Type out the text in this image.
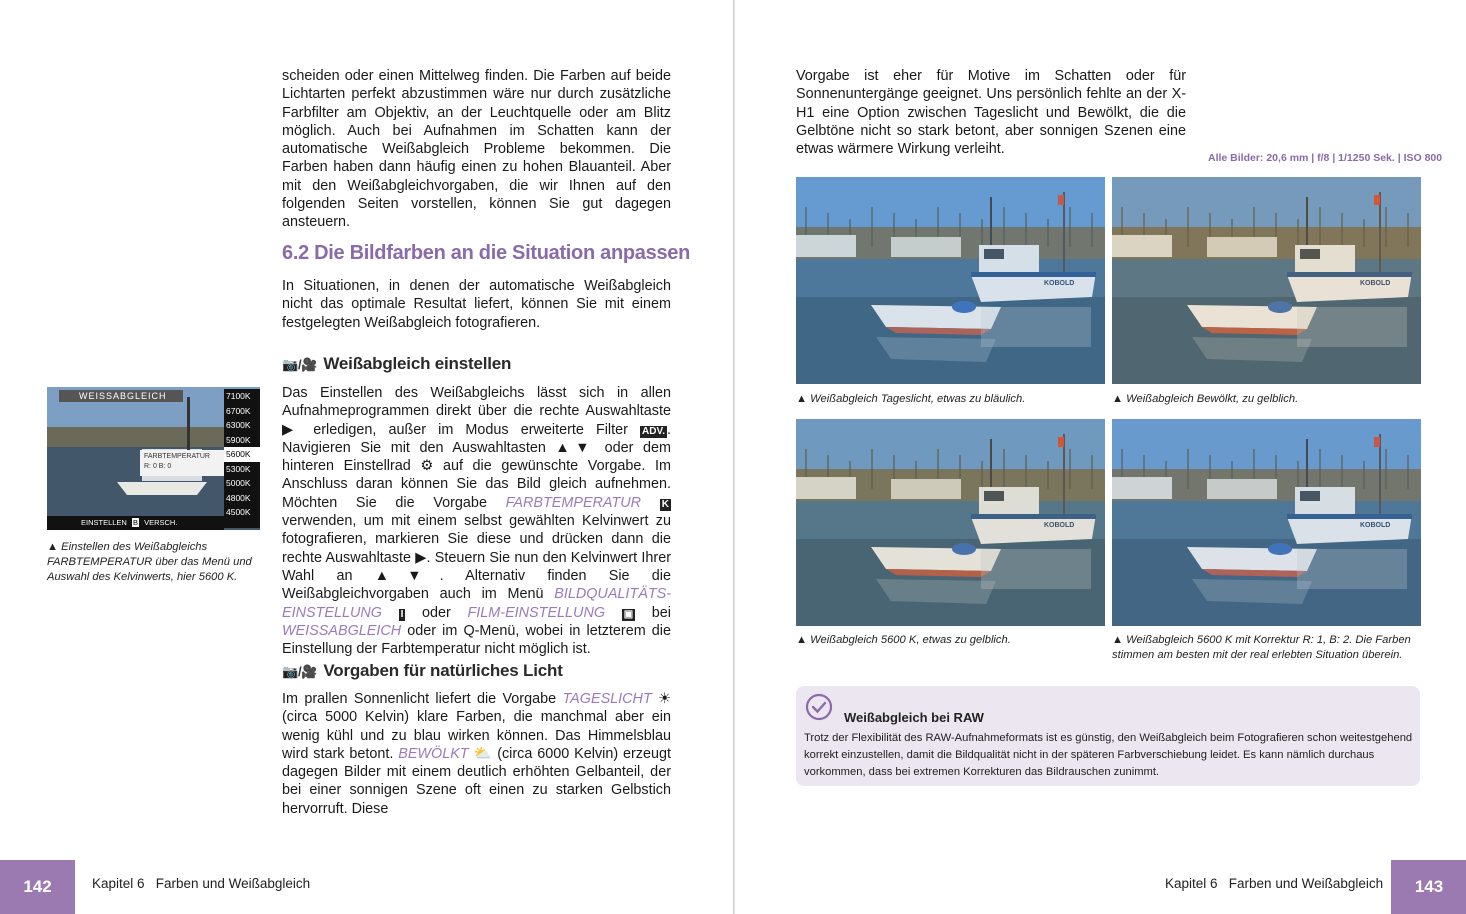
scheiden oder einen Mittelweg finden. Die Farben auf beide Lichtarten perfekt abzustimmen wäre nur durch zusätzliche Farbfilter am Objektiv, an der Leuchtquelle oder am Blitz möglich. Auch bei Aufnahmen im Schatten kann der automatische Weißabgleich Probleme bekommen. Die Farben haben dann häufig einen zu hohen Blauanteil. Aber mit den Weißabgleichvorgaben, die wir Ihnen auf den folgenden Seiten vorstellen, können Sie gut dagegen ansteuern.

6.2 Die Bildfarben an die Situation anpassen

In Situationen, in denen der automatische Weißabgleich nicht das optimale Resultat liefert, können Sie mit einem festgelegten Weißabgleich fotografieren.

📷/🎥 Weißabgleich einstellen

Das Einstellen des Weißabgleichs lässt sich in allen Aufnahmeprogrammen direkt über die rechte Auswahltaste ▶ erledigen, außer im Modus erweiterte Filter ADV. . Navigieren Sie mit den Auswahltasten ▲▼ oder dem hinteren Einstellrad ⚙ auf die gewünschte Vorgabe. Im Anschluss daran können Sie das Bild gleich aufnehmen. Möchten Sie die Vorgabe FARBTEMPERATUR K verwenden, um mit einem selbst gewählten Kelvinwert zu fotografieren, markieren Sie diese und drücken dann die rechte Auswahltaste ▶. Steuern Sie nun den Kelvinwert Ihrer Wahl an ▲▼. Alternativ finden Sie die Weißabgleichvorgaben auch im Menü BILDQUALITÄTS-EINSTELLUNG I oder FILM-EINSTELLUNG ▣ bei WEISSABGLEICH oder im Q-Menü, wobei in letzterem die Einstellung der Farbtemperatur nicht möglich ist.

📷/🎥 Vorgaben für natürliches Licht

Im prallen Sonnenlicht liefert die Vorgabe TAGESLICHT ☀ (circa 5000 Kelvin) klare Farben, die manchmal aber ein wenig kühl und zu blau wirken können. Das Himmelsblau wird stark betont. BEWÖLKT ⛅ (circa 6000 Kelvin) erzeugt dagegen Bilder mit einem deutlich erhöhten Gelbanteil, der bei einer sonnigen Szene oft einen zu starken Gelbstich hervorruft. Diese

WEISSABGLEICH	7100K
6700K
6300K
5900K
5600K
5300K
5000K
4800K
4500K
FARBTEMPERATUR
R: 0 B: 0
EINSTELLEN B VERSCH.

▲ Einstellen des Weißabgleichs FARBTEMPERATUR über das Menü und Auswahl des Kelvinwerts, hier 5600 K.

142	Kapitel 6   Farben und Weißabgleich

Vorgabe ist eher für Motive im Schatten oder für Sonnenuntergänge geeignet. Uns persönlich fehlte an der X-H1 eine Option zwischen Tageslicht und Bewölkt, die die Gelbtöne nicht so stark betont, aber sonnigen Szenen eine etwas wärmere Wirkung verleiht.

Alle Bilder: 20,6 mm | f/8 | 1/1250 Sek. | ISO 800
KOBOLD	KOBOLD
KOBOLD	KOBOLD

▲ Weißabgleich Tageslicht, etwas zu bläulich.	▲ Weißabgleich Bewölkt, zu gelblich.

▲ Weißabgleich 5600 K, etwas zu gelblich.	▲ Weißabgleich 5600 K mit Korrektur R: 1, B: 2. Die Farben stimmen am besten mit der real erlebten Situation überein.

Weißabgleich bei RAW

Trotz der Flexibilität des RAW-Aufnahmeformats ist es günstig, den Weißabgleich beim Fotografieren schon weitestgehend korrekt einzustellen, damit die Bildqualität nicht in der späteren Farbverschiebung leidet. Es kann nämlich durchaus vorkommen, dass bei extremen Korrekturen das Bildrauschen zunimmt.

Kapitel 6   Farben und Weißabgleich	143
